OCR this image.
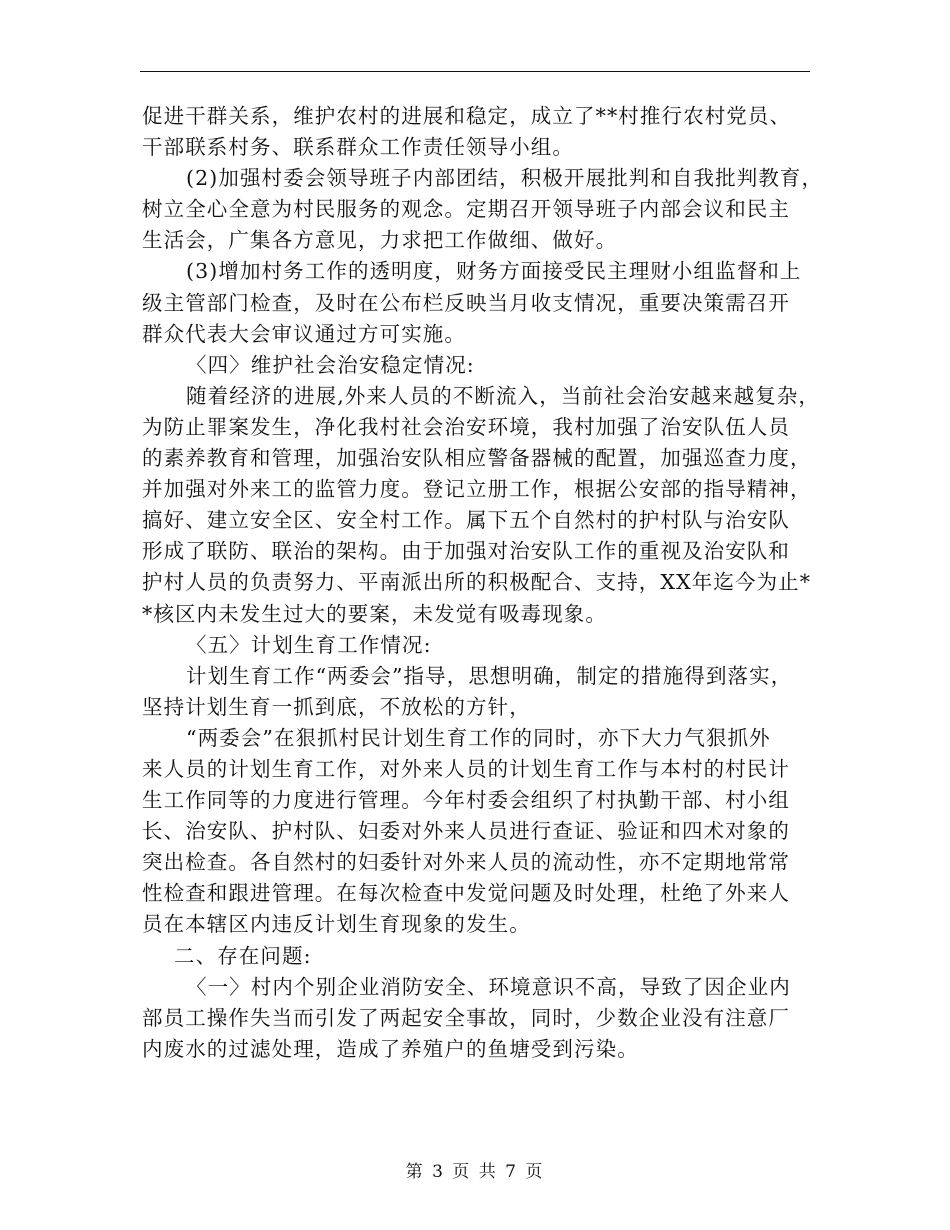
促进干群关系，维护农村的进展和稳定，成立了**村推行农村党员、
干部联系村务、联系群众工作责任领导小组。
(2)加强村委会领导班子内部团结，积极开展批判和自我批判教育，
树立全心全意为村民服务的观念。定期召开领导班子内部会议和民主
生活会，广集各方意见，力求把工作做细、做好。
(3)增加村务工作的透明度，财务方面接受民主理财小组监督和上
级主管部门检查，及时在公布栏反映当月收支情况，重要决策需召开
群众代表大会审议通过方可实施。
〈四〉维护社会治安稳定情况:
随着经济的进展,外来人员的不断流入，当前社会治安越来越复杂，
为防止罪案发生，净化我村社会治安环境，我村加强了治安队伍人员
的素养教育和管理，加强治安队相应警备器械的配置，加强巡查力度，
并加强对外来工的监管力度。登记立册工作，根据公安部的指导精神，
搞好、建立安全区、安全村工作。属下五个自然村的护村队与治安队
形成了联防、联治的架构。由于加强对治安队工作的重视及治安队和
护村人员的负责努力、平南派出所的积极配合、支持，XX年迄今为止*
*核区内未发生过大的要案，未发觉有吸毒现象。
〈五〉计划生育工作情况:
计划生育工作“两委会”指导，思想明确，制定的措施得到落实，
坚持计划生育一抓到底，不放松的方针，
“两委会”在狠抓村民计划生育工作的同时，亦下大力气狠抓外
来人员的计划生育工作，对外来人员的计划生育工作与本村的村民计
生工作同等的力度进行管理。今年村委会组织了村执勤干部、村小组
长、治安队、护村队、妇委对外来人员进行查证、验证和四术对象的
突出检查。各自然村的妇委针对外来人员的流动性，亦不定期地常常
性检查和跟进管理。在每次检查中发觉问题及时处理，杜绝了外来人
员在本辖区内违反计划生育现象的发生。
二、存在问题:
〈一〉村内个别企业消防安全、环境意识不高，导致了因企业内
部员工操作失当而引发了两起安全事故，同时，少数企业没有注意厂
内废水的过滤处理，造成了养殖户的鱼塘受到污染。
第 3 页 共 7 页
